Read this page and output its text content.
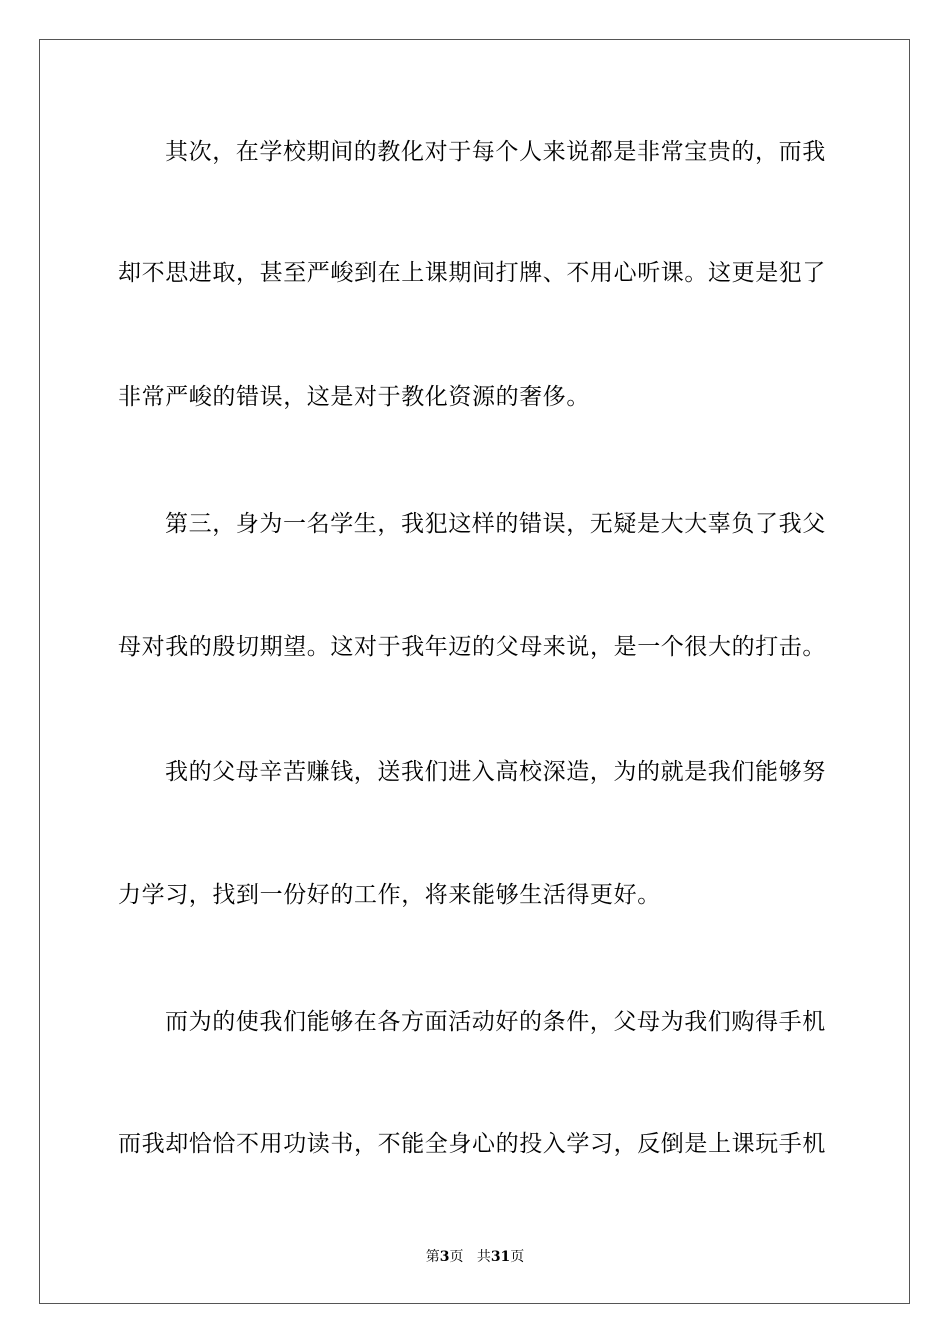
其次，在学校期间的教化对于每个人来说都是非常宝贵的，而我
却不思进取，甚至严峻到在上课期间打牌、不用心听课。这更是犯了
非常严峻的错误，这是对于教化资源的奢侈。
第三，身为一名学生，我犯这样的错误，无疑是大大辜负了我父
母对我的殷切期望。这对于我年迈的父母来说，是一个很大的打击。
我的父母辛苦赚钱，送我们进入高校深造，为的就是我们能够努
力学习，找到一份好的工作，将来能够生活得更好。
而为的使我们能够在各方面活动好的条件，父母为我们购得手机
而我却恰恰不用功读书，不能全身心的投入学习，反倒是上课玩手机
第3页 共31页
